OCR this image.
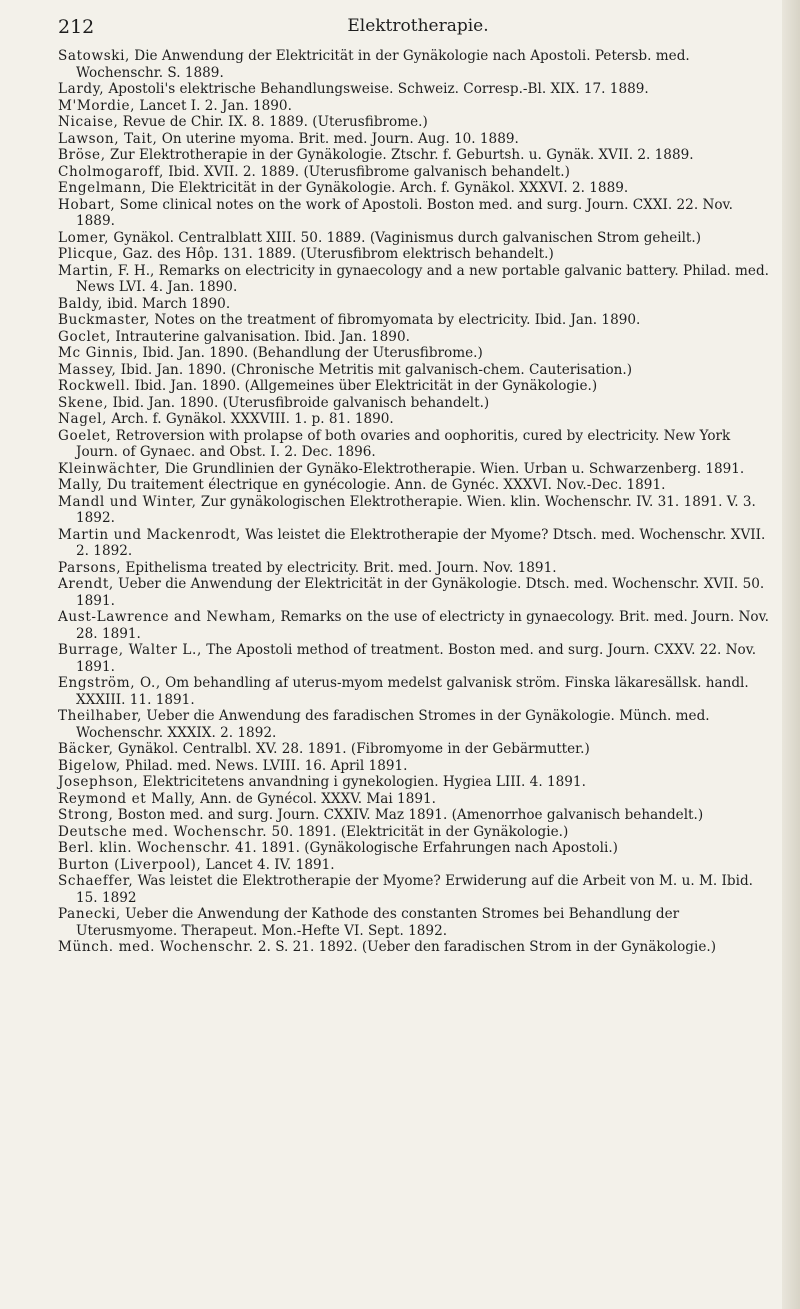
212	Elektrotherapie.

Satowski, Die Anwendung der Elektricität in der Gynäkologie nach Apostoli. Petersb. med. Wochenschr. S. 1889.

Lardy, Apostoli's elektrische Behandlungsweise. Schweiz. Corresp.-Bl. XIX. 17. 1889.

M'Mordie, Lancet I. 2. Jan. 1890.

Nicaise, Revue de Chir. IX. 8. 1889. (Uterusfibrome.)

Lawson, Tait, On uterine myoma. Brit. med. Journ. Aug. 10. 1889.

Bröse, Zur Elektrotherapie in der Gynäkologie. Ztschr. f. Geburtsh. u. Gynäk. XVII. 2. 1889.

Cholmogaroff, Ibid. XVII. 2. 1889. (Uterusfibrome galvanisch behandelt.)

Engelmann, Die Elektricität in der Gynäkologie. Arch. f. Gynäkol. XXXVI. 2. 1889.

Hobart, Some clinical notes on the work of Apostoli. Boston med. and surg. Journ. CXXI. 22. Nov. 1889.

Lomer, Gynäkol. Centralblatt XIII. 50. 1889. (Vaginismus durch galvanischen Strom geheilt.)

Plicque, Gaz. des Hôp. 131. 1889. (Uterusfibrom elektrisch behandelt.)

Martin, F. H., Remarks on electricity in gynaecology and a new portable galvanic battery. Philad. med. News LVI. 4. Jan. 1890.

Baldy, ibid. March 1890.

Buckmaster, Notes on the treatment of fibromyomata by electricity. Ibid. Jan. 1890.

Goclet, Intrauterine galvanisation. Ibid. Jan. 1890.

Mc Ginnis, Ibid. Jan. 1890. (Behandlung der Uterusfibrome.)

Massey, Ibid. Jan. 1890. (Chronische Metritis mit galvanisch-chem. Cauterisation.)

Rockwell. Ibid. Jan. 1890. (Allgemeines über Elektricität in der Gynäkologie.)

Skene, Ibid. Jan. 1890. (Uterusfibroide galvanisch behandelt.)

Nagel, Arch. f. Gynäkol. XXXVIII. 1. p. 81. 1890.

Goelet, Retroversion with prolapse of both ovaries and oophoritis, cured by electricity. New York Journ. of Gynaec. and Obst. I. 2. Dec. 1896.

Kleinwächter, Die Grundlinien der Gynäko-Elektrotherapie. Wien. Urban u. Schwarzenberg. 1891.

Mally, Du traitement électrique en gynécologie. Ann. de Gynéc. XXXVI. Nov.-Dec. 1891.

Mandl und Winter, Zur gynäkologischen Elektrotherapie. Wien. klin. Wochenschr. IV. 31. 1891. V. 3. 1892.

Martin und Mackenrodt, Was leistet die Elektrotherapie der Myome? Dtsch. med. Wochenschr. XVII. 2. 1892.

Parsons, Epithelisma treated by electricity. Brit. med. Journ. Nov. 1891.

Arendt, Ueber die Anwendung der Elektricität in der Gynäkologie. Dtsch. med. Wochenschr. XVII. 50. 1891.

Aust-Lawrence and Newham, Remarks on the use of electricty in gynaecology. Brit. med. Journ. Nov. 28. 1891.

Burrage, Walter L., The Apostoli method of treatment. Boston med. and surg. Journ. CXXV. 22. Nov. 1891.

Engström, O., Om behandling af uterus-myom medelst galvanisk ström. Finska läkaresällsk. handl. XXXIII. 11. 1891.

Theilhaber, Ueber die Anwendung des faradischen Stromes in der Gynäkologie. Münch. med. Wochenschr. XXXIX. 2. 1892.

Bäcker, Gynäkol. Centralbl. XV. 28. 1891. (Fibromyome in der Gebärmutter.)

Bigelow, Philad. med. News. LVIII. 16. April 1891.

Josephson, Elektricitetens anvandning i gynekologien. Hygiea LIII. 4. 1891.

Reymond et Mally, Ann. de Gynécol. XXXV. Mai 1891.

Strong, Boston med. and surg. Journ. CXXIV. Maz 1891. (Amenorrhoe galvanisch behandelt.)

Deutsche med. Wochenschr. 50. 1891. (Elektricität in der Gynäkologie.)

Berl. klin. Wochenschr. 41. 1891. (Gynäkologische Erfahrungen nach Apostoli.)

Burton (Liverpool), Lancet 4. IV. 1891.

Schaeffer, Was leistet die Elektrotherapie der Myome? Erwiderung auf die Arbeit von M. u. M. Ibid. 15. 1892

Panecki, Ueber die Anwendung der Kathode des constanten Stromes bei Behandlung der Uterusmyome. Therapeut. Mon.-Hefte VI. Sept. 1892.

Münch. med. Wochenschr. 2. S. 21. 1892. (Ueber den faradischen Strom in der Gynäkologie.)
